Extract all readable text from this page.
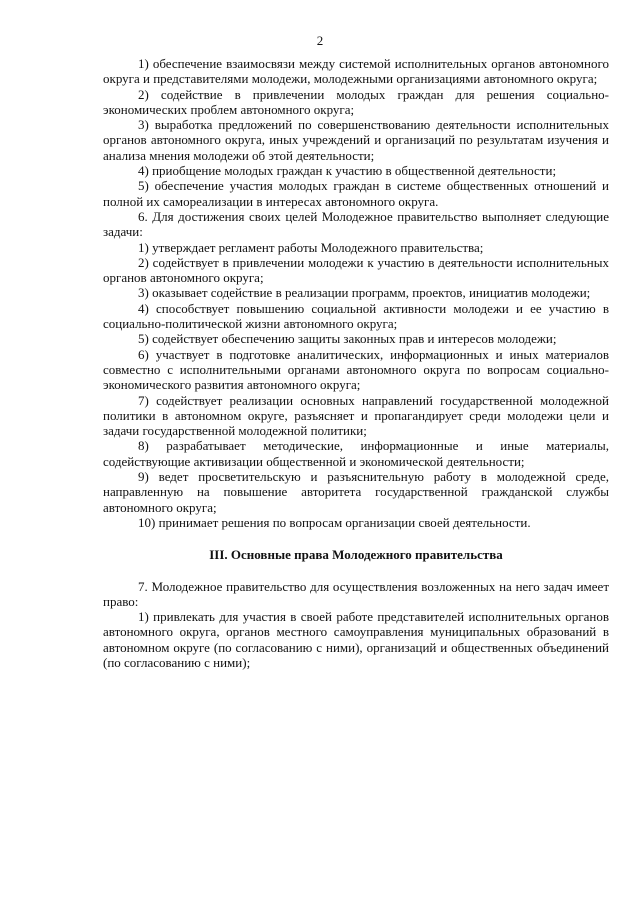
2

1) обеспечение взаимосвязи между системой исполнительных органов автономного округа и представителями молодежи, молодежными организациями автономного округа;

2) содействие в привлечении молодых граждан для решения социально-экономических проблем автономного округа;

3) выработка предложений по совершенствованию деятельности исполнительных органов автономного округа, иных учреждений и организаций по результатам изучения и анализа мнения молодежи об этой деятельности;

4) приобщение молодых граждан к участию в общественной деятельности;

5) обеспечение участия молодых граждан в системе общественных отношений и полной их самореализации в интересах автономного округа.

6. Для достижения своих целей Молодежное правительство выполняет следующие задачи:

1) утверждает регламент работы Молодежного правительства;

2) содействует в привлечении молодежи к участию в деятельности исполнительных органов автономного округа;

3) оказывает содействие в реализации программ, проектов, инициатив молодежи;

4) способствует повышению социальной активности молодежи и ее участию в социально-политической жизни автономного округа;

5) содействует обеспечению защиты законных прав и интересов молодежи;

6) участвует в подготовке аналитических, информационных и иных материалов совместно с исполнительными органами автономного округа по вопросам социально-экономического развития автономного округа;

7) содействует реализации основных направлений государственной молодежной политики в автономном округе, разъясняет и пропагандирует среди молодежи цели и задачи государственной молодежной политики;

8) разрабатывает методические, информационные и иные материалы, содействующие активизации общественной и экономической деятельности;

9) ведет просветительскую и разъяснительную работу в молодежной среде, направленную на повышение авторитета государственной гражданской службы автономного округа;

10) принимает решения по вопросам организации своей деятельности.

III. Основные права Молодежного правительства

7. Молодежное правительство для осуществления возложенных на него задач имеет право:

1) привлекать для участия в своей работе представителей исполнительных органов автономного округа, органов местного самоуправления муниципальных образований в автономном округе (по согласованию с ними), организаций и общественных объединений (по согласованию с ними);
